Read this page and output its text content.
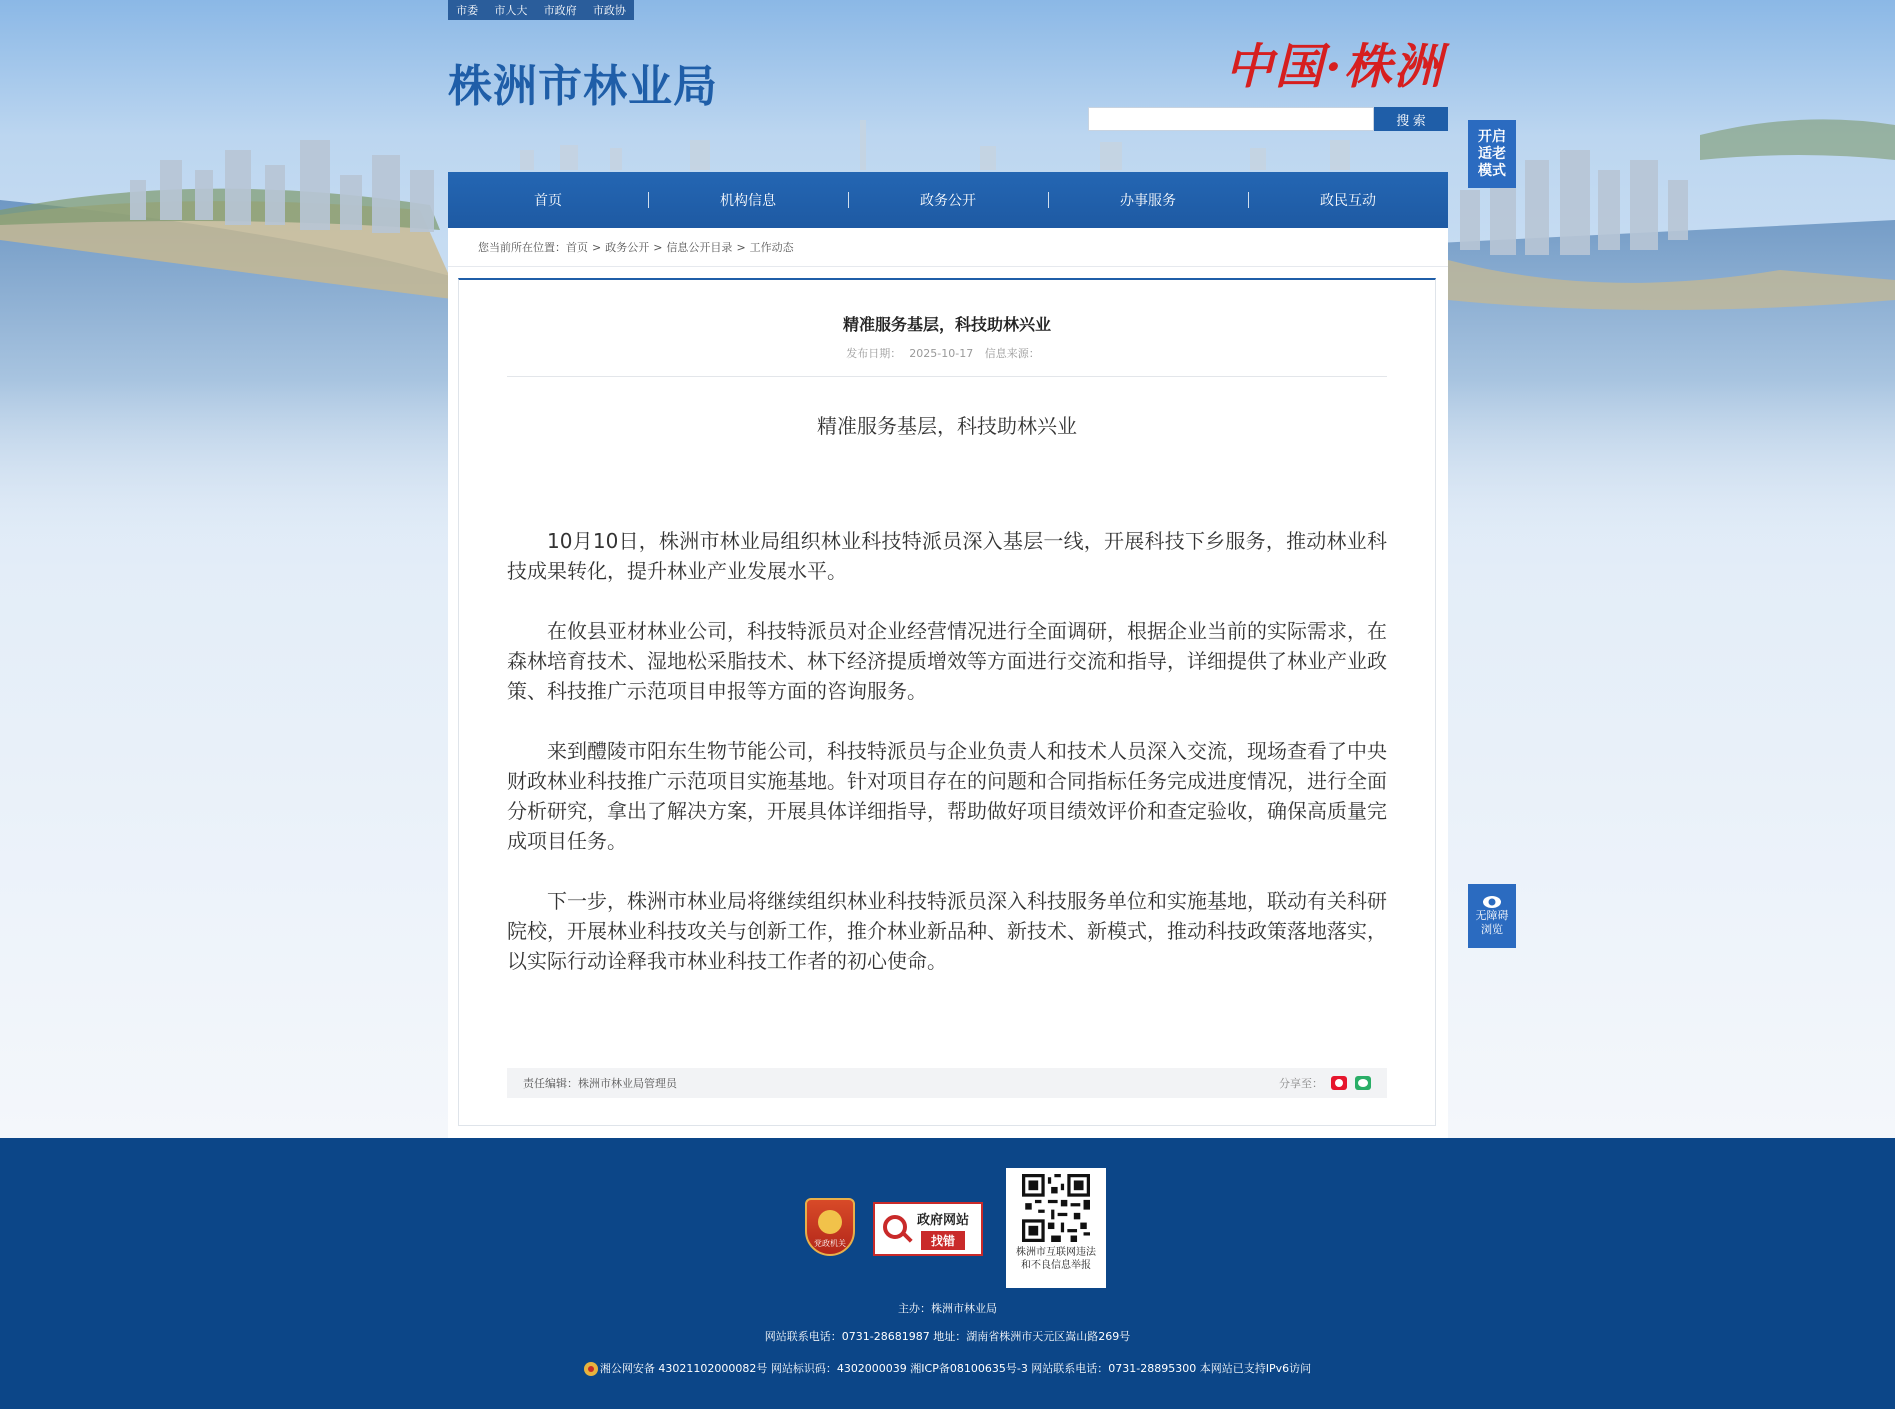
市委 市人大 市政府 市政协
株洲市林业局	中国·株洲
搜 索
开启
适老
模式
无障碍
浏览
首页	机构信息	政务公开	办事服务	政民互动
您当前所在位置： 首页 > 政务公开 > 信息公开目录 > 工作动态
精准服务基层，科技助林兴业
发布日期： 2025-10-17 信息来源：
精准服务基层，科技助林兴业

10月10日，株洲市林业局组织林业科技特派员深入基层一线，开展科技下乡服务，推动林业科技成果转化，提升林业产业发展水平。

在攸县亚材林业公司，科技特派员对企业经营情况进行全面调研，根据企业当前的实际需求，在森林培育技术、湿地松采脂技术、林下经济提质增效等方面进行交流和指导，详细提供了林业产业政策、科技推广示范项目申报等方面的咨询服务。

来到醴陵市阳东生物节能公司，科技特派员与企业负责人和技术人员深入交流，现场查看了中央财政林业科技推广示范项目实施基地。针对项目存在的问题和合同指标任务完成进度情况，进行全面分析研究，拿出了解决方案，开展具体详细指导，帮助做好项目绩效评价和查定验收，确保高质量完成项目任务。

下一步，株洲市林业局将继续组织林业科技特派员深入科技服务单位和实施基地，联动有关科研院校，开展林业科技攻关与创新工作，推介林业新品种、新技术、新模式，推动科技政策落地落实，以实际行动诠释我市林业科技工作者的初心使命。

责任编辑：株洲市林业局管理员	分享至：
党政机关
政府网站
找错
株洲市互联网违法
和不良信息举报
主办：株洲市林业局
网站联系电话：0731-28681987 地址：湖南省株洲市天元区嵩山路269号
湘公网安备 43021102000082号 网站标识码：4302000039 湘ICP备08100635号-3 网站联系电话：0731-28895300 本网站已支持IPv6访问
